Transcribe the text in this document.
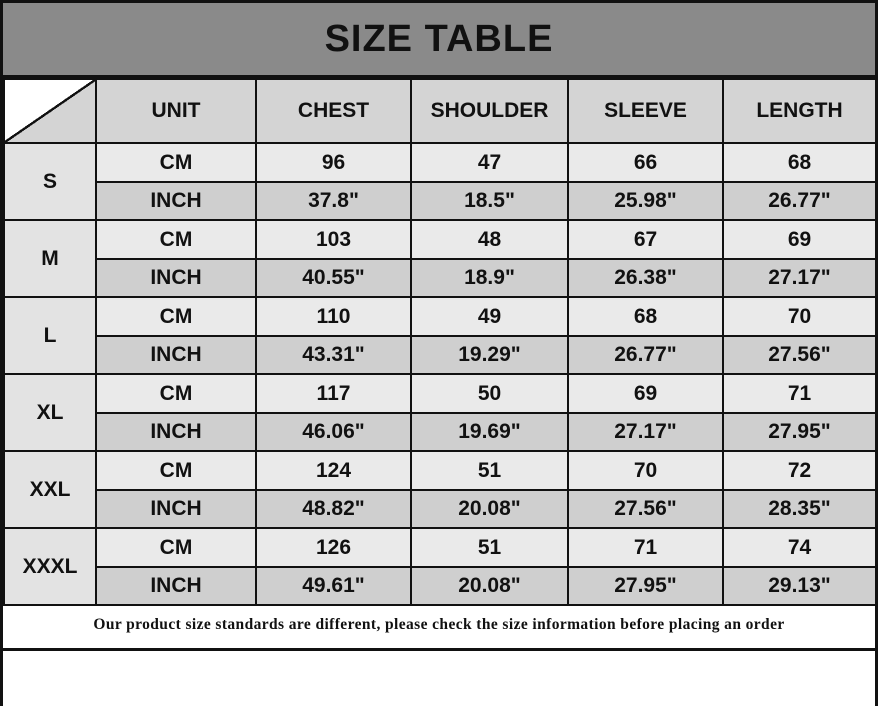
SIZE TABLE
	UNIT	CHEST	SHOULDER	SLEEVE	LENGTH
S	CM	96	47	66	68
	INCH	37.8"	18.5"	25.98"	26.77"
M	CM	103	48	67	69
	INCH	40.55"	18.9"	26.38"	27.17"
L	CM	110	49	68	70
	INCH	43.31"	19.29"	26.77"	27.56"
XL	CM	117	50	69	71
	INCH	46.06"	19.69"	27.17"	27.95"
XXL	CM	124	51	70	72
	INCH	48.82"	20.08"	27.56"	28.35"
XXXL	CM	126	51	71	74
	INCH	49.61"	20.08"	27.95"	29.13"
Our product size standards are different, please check the size information before placing an order
